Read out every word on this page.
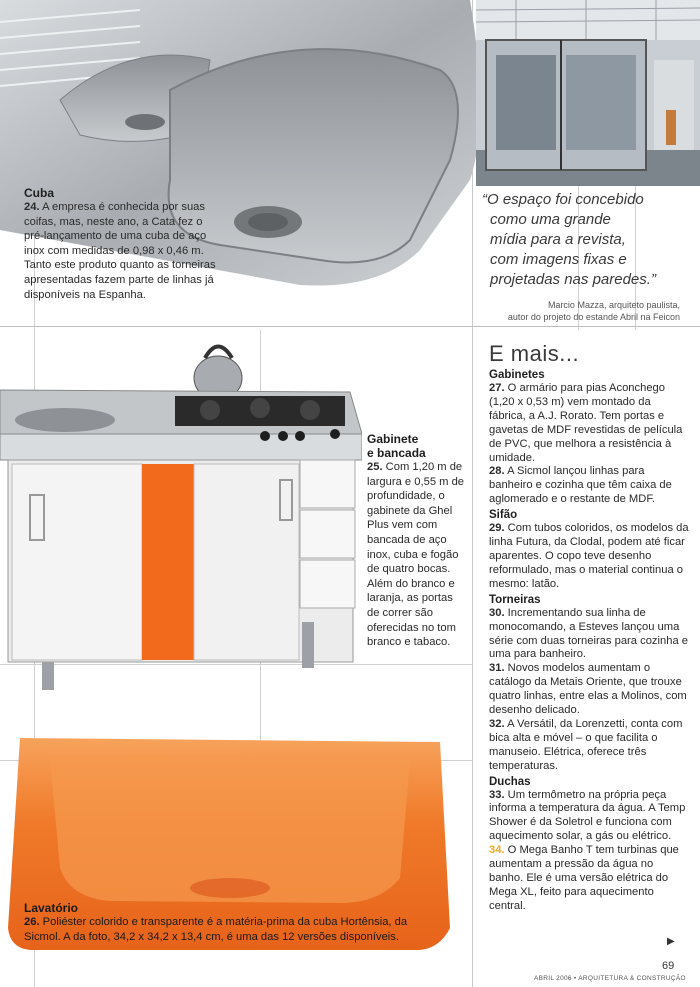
Cuba
24. A empresa é conhecida por suas coifas, mas, neste ano, a Cata fez o pré-lançamento de uma cuba de aço inox com medidas de 0,98 x 0,46 m. Tanto este produto quanto as torneiras apresentadas fazem parte de linhas já disponíveis na Espanha.
“O espaço foi concebido
como uma grande
mídia para a revista,
com imagens fixas e
projetadas nas paredes.”
Marcio Mazza, arquiteto paulista,
autor do projeto do estande Abril na Feicon
Gabinete
e bancada
25. Com 1,20 m de largura e 0,55 m de profundidade, o gabinete da Ghel Plus vem com bancada de aço inox, cuba e fogão de quatro bocas. Além do branco e laranja, as portas de correr são oferecidas no tom branco e tabaco.
Lavatório
26. Poliéster colorido e transparente é a matéria-prima da cuba Hortênsia, da Sicmol. A da foto, 34,2 x 34,2 x 13,4 cm, é uma das 12 versões disponíveis.
E mais...
Gabinetes
27. O armário para pias Aconchego (1,20 x 0,53 m) vem montado da fábrica, a A.J. Rorato. Tem portas e gavetas de MDF revestidas de película de PVC, que melhora a resistência à umidade.
28. A Sicmol lançou linhas para banheiro e cozinha que têm caixa de aglomerado e o restante de MDF.
Sifão
29. Com tubos coloridos, os modelos da linha Futura, da Clodal, podem até ficar aparentes. O copo teve desenho reformulado, mas o material continua o mesmo: latão.
Torneiras
30. Incrementando sua linha de monocomando, a Esteves lançou uma série com duas torneiras para cozinha e uma para banheiro.
31. Novos modelos aumentam o catálogo da Metais Oriente, que trouxe quatro linhas, entre elas a Molinos, com desenho delicado.
32. A Versátil, da Lorenzetti, conta com bica alta e móvel – o que facilita o manuseio. Elétrica, oferece três temperaturas.
Duchas
33. Um termômetro na própria peça informa a temperatura da água. A Temp Shower é da Soletrol e funciona com aquecimento solar, a gás ou elétrico.
34. O Mega Banho T tem turbinas que aumentam a pressão da água no banho. Ele é uma versão elétrica do Mega XL, feito para aquecimento central.
▶
69
ABRIL 2006 • ARQUITETURA & CONSTRUÇÃO
